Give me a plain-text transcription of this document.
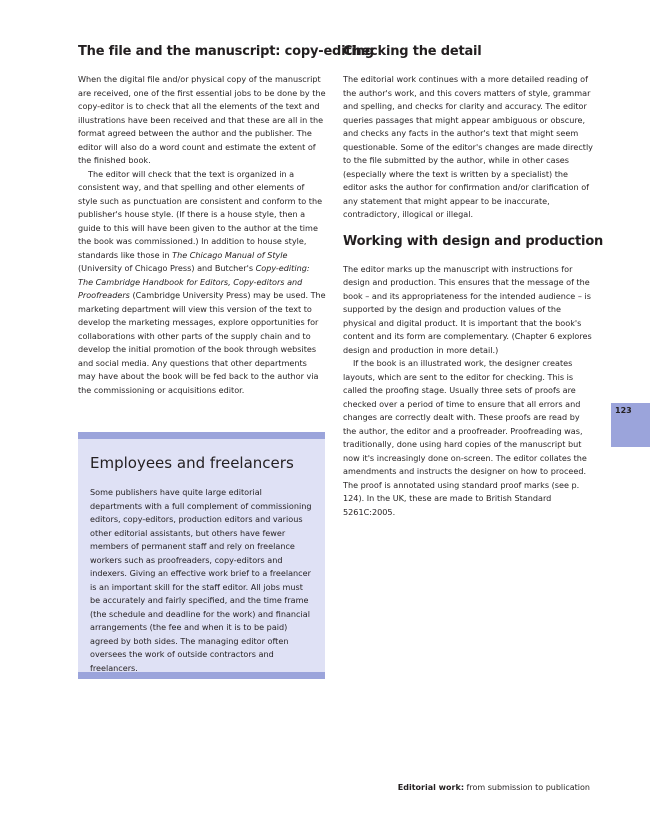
The file and the manuscript: copy-editing

When the digital file and/or physical copy of the manuscript are received, one of the first essential jobs to be done by the copy-editor is to check that all the elements of the text and illustrations have been received and that these are all in the format agreed between the author and the publisher. The editor will also do a word count and estimate the extent of the finished book.

The editor will check that the text is organized in a consistent way, and that spelling and other elements of style such as punctuation are consistent and conform to the publisher's house style. (If there is a house style, then a guide to this will have been given to the author at the time the book was commissioned.) In addition to house style, standards like those in The Chicago Manual of Style (University of Chicago Press) and Butcher's Copy-editing: The Cambridge Handbook for Editors, Copy-editors and Proofreaders (Cambridge University Press) may be used. The marketing department will view this version of the text to develop the marketing messages, explore opportunities for collaborations with other parts of the supply chain and to develop the initial promotion of the book through websites and social media. Any questions that other departments may have about the book will be fed back to the author via the commissioning or acquisitions editor.

Employees and freelancers

Some publishers have quite large editorial departments with a full complement of commissioning editors, copy-editors, production editors and various other editorial assistants, but others have fewer members of permanent staff and rely on freelance workers such as proofreaders, copy-editors and indexers. Giving an effective work brief to a freelancer is an important skill for the staff editor. All jobs must be accurately and fairly specified, and the time frame (the schedule and deadline for the work) and financial arrangements (the fee and when it is to be paid) agreed by both sides. The managing editor often oversees the work of outside contractors and freelancers.

Checking the detail

The editorial work continues with a more detailed reading of the author's work, and this covers matters of style, grammar and spelling, and checks for clarity and accuracy. The editor queries passages that might appear ambiguous or obscure, and checks any facts in the author's text that might seem questionable. Some of the editor's changes are made directly to the file submitted by the author, while in other cases (especially where the text is written by a specialist) the editor asks the author for confirmation and/or clarification of any statement that might appear to be inaccurate, contradictory, illogical or illegal.

Working with design and production

The editor marks up the manuscript with instructions for design and production. This ensures that the message of the book – and its appropriateness for the intended audience – is supported by the design and production values of the physical and digital product. It is important that the book's content and its form are complementary. (Chapter 6 explores design and production in more detail.)

If the book is an illustrated work, the designer creates layouts, which are sent to the editor for checking. This is called the proofing stage. Usually three sets of proofs are checked over a period of time to ensure that all errors and changes are correctly dealt with. These proofs are read by the author, the editor and a proofreader. Proofreading was, traditionally, done using hard copies of the manuscript but now it's increasingly done on-screen. The editor collates the amendments and instructs the designer on how to proceed. The proof is annotated using standard proof marks (see p. 124). In the UK, these are made to British Standard 5261C:2005.

123
Editorial work: from submission to publication
